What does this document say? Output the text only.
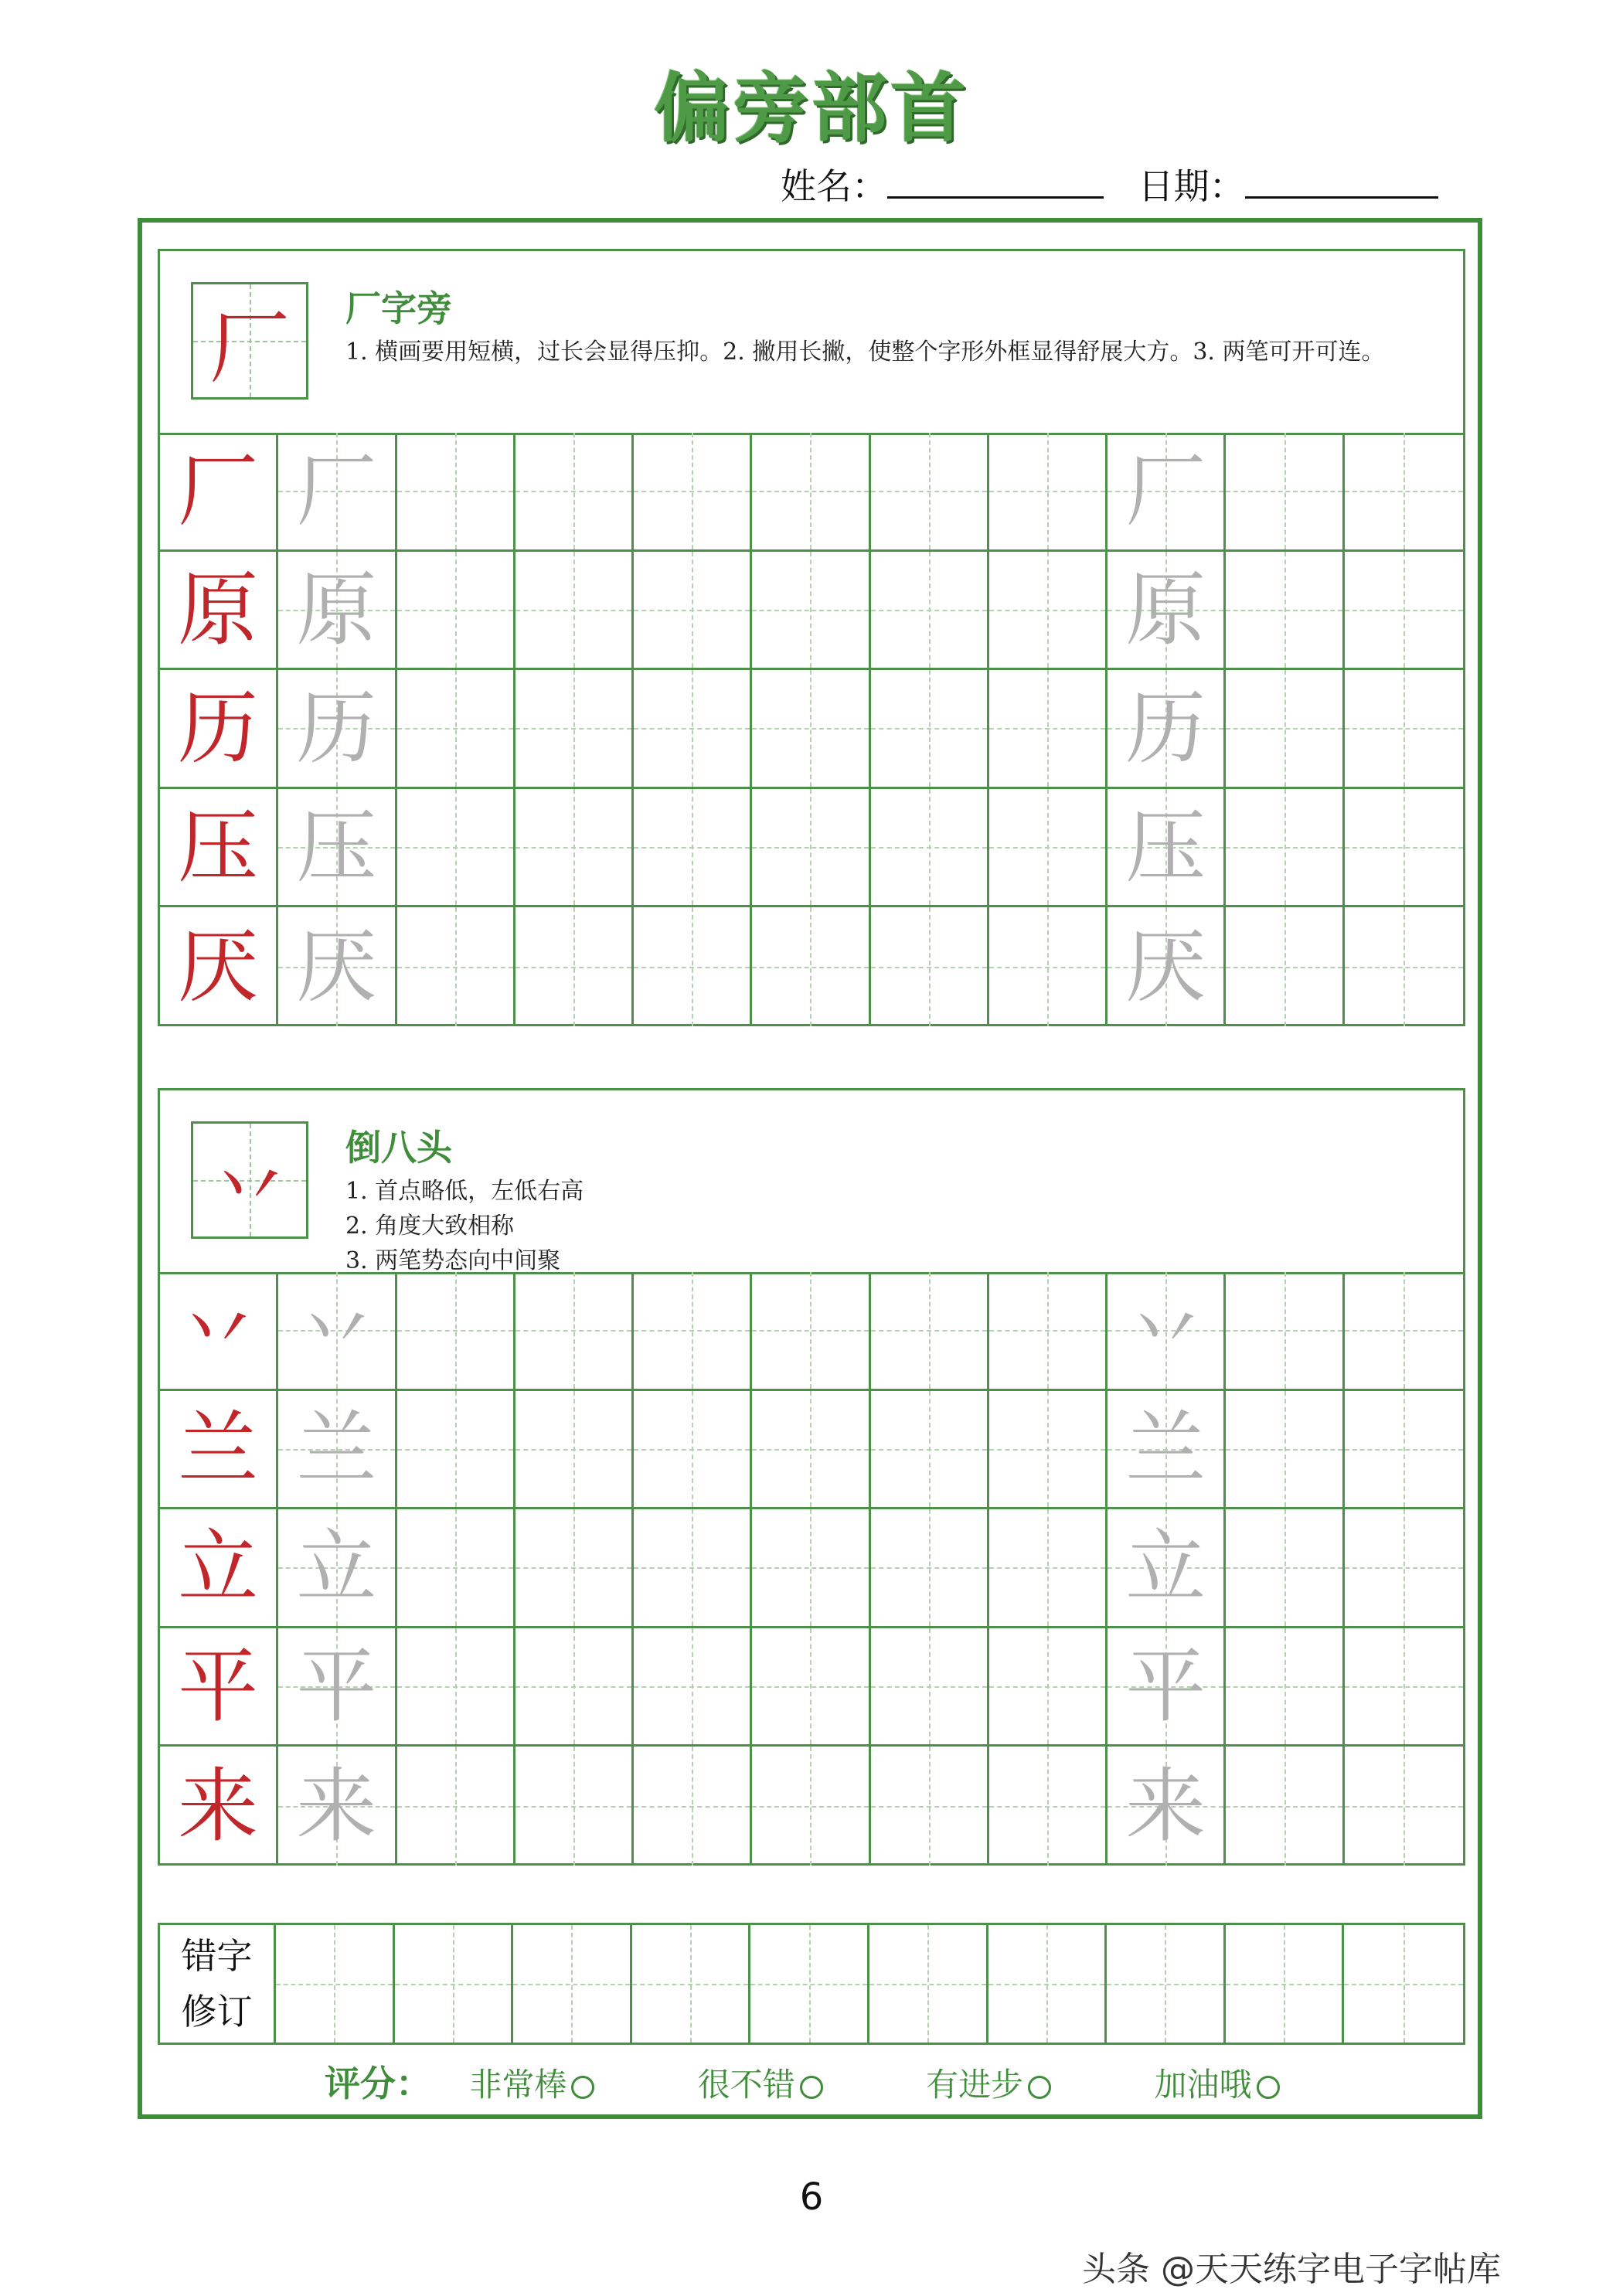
偏旁部首
姓名：	日期：
厂	厂字旁
1. 横画要用短横，过长会显得压抑。2. 撇用长撇，使整个字形外框显得舒展大方。3. 两笔可开可连。
厂 厂	厂
原 原	原
历 历	历
压 压	压
厌 厌	厌
丷	倒八头
1. 首点略低，左低右高
2. 角度大致相称
3. 两笔势态向中间聚
丷 丷	丷
兰 兰	兰
立 立	立
平 平	平
来 来	来
错字
修订
评分： 非常棒	很不错	有进步	加油哦
6
头条 @天天练字电子字帖库
